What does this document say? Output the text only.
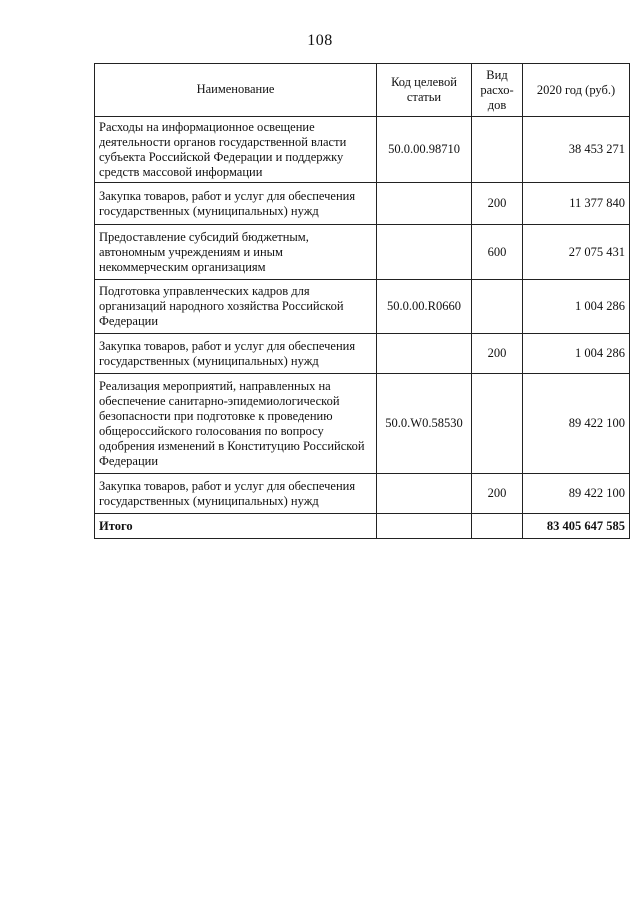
108
Наименование	Код целевой статьи	Вид расхо-дов	2020 год (руб.)
Расходы на информационное освещение деятельности органов государственной власти субъекта Российской Федерации и поддержку средств массовой информации	50.0.00.98710		38 453 271
Закупка товаров, работ и услуг для обеспечения государственных (муниципальных) нужд		200	11 377 840
Предоставление субсидий бюджетным, автономным учреждениям и иным некоммерческим организациям		600	27 075 431
Подготовка управленческих кадров для организаций народного хозяйства Российской Федерации	50.0.00.R0660		1 004 286
Закупка товаров, работ и услуг для обеспечения государственных (муниципальных) нужд		200	1 004 286
Реализация мероприятий, направленных на обеспечение санитарно-эпидемиологической безопасности при подготовке к проведению общероссийского голосования по вопросу одобрения изменений в Конституцию Российской Федерации	50.0.W0.58530		89 422 100
Закупка товаров, работ и услуг для обеспечения государственных (муниципальных) нужд		200	89 422 100
Итого			83 405 647 585
